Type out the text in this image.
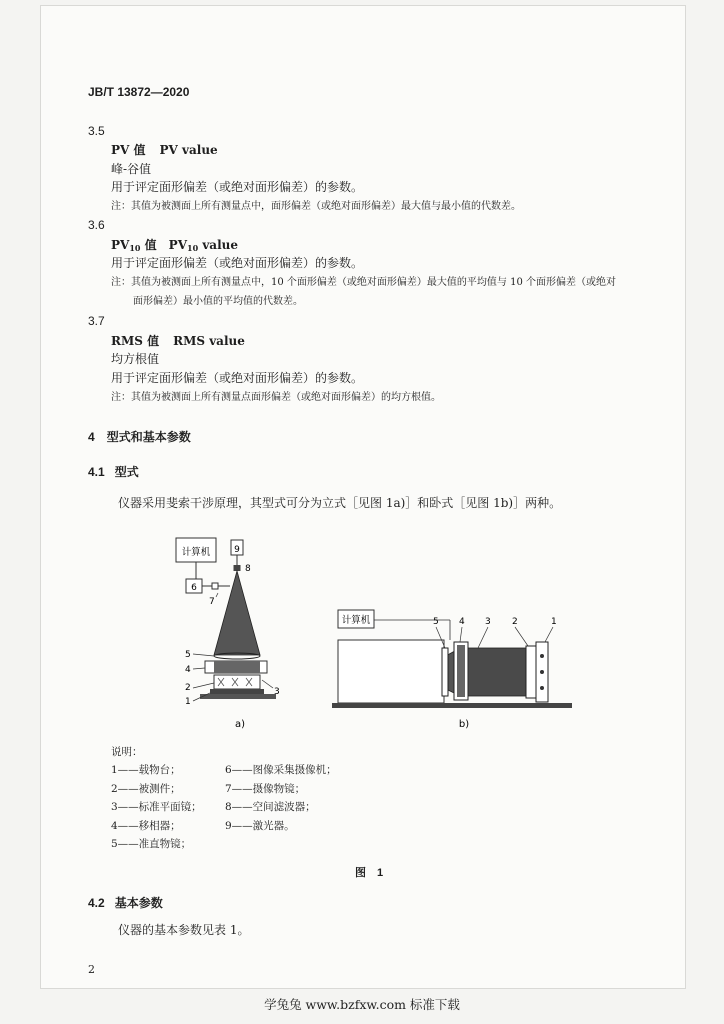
JB/T 13872—2020
3.5
PV 值 PV value
峰-谷值
用于评定面形偏差（或绝对面形偏差）的参数。
注：其值为被测面上所有测量点中，面形偏差（或绝对面形偏差）最大值与最小值的代数差。
3.6
$PV_{10}$ 值 $PV_{10}$ value
用于评定面形偏差（或绝对面形偏差）的参数。
注：其值为被测面上所有测量点中，10 个面形偏差（或绝对面形偏差）最大值的平均值与 10 个面形偏差（或绝对
面形偏差）最小值的平均值的代数差。
3.7
RMS 值 RMS value
均方根值
用于评定面形偏差（或绝对面形偏差）的参数。
注：其值为被测面上所有测量点面形偏差（或绝对面形偏差）的均方根值。
4 型式和基本参数
4.1 型式
仪器采用斐索干涉原理，其型式可分为立式［见图 1a)］和卧式［见图 1b)］两种。
计算机	9
6
8
7
5
4
2
1
3
a)
计算机	5 4 3 2	1
b)
说明：
1——载物台；
2——被测件；
3——标准平面镜；
4——移相器；
5——准直物镜；
6——图像采集摄像机；
7——摄像物镜；
8——空间滤波器；
9——激光器。
图　1
4.2 基本参数
仪器的基本参数见表 1。
2
学兔兔 www.bzfxw.com 标准下载
